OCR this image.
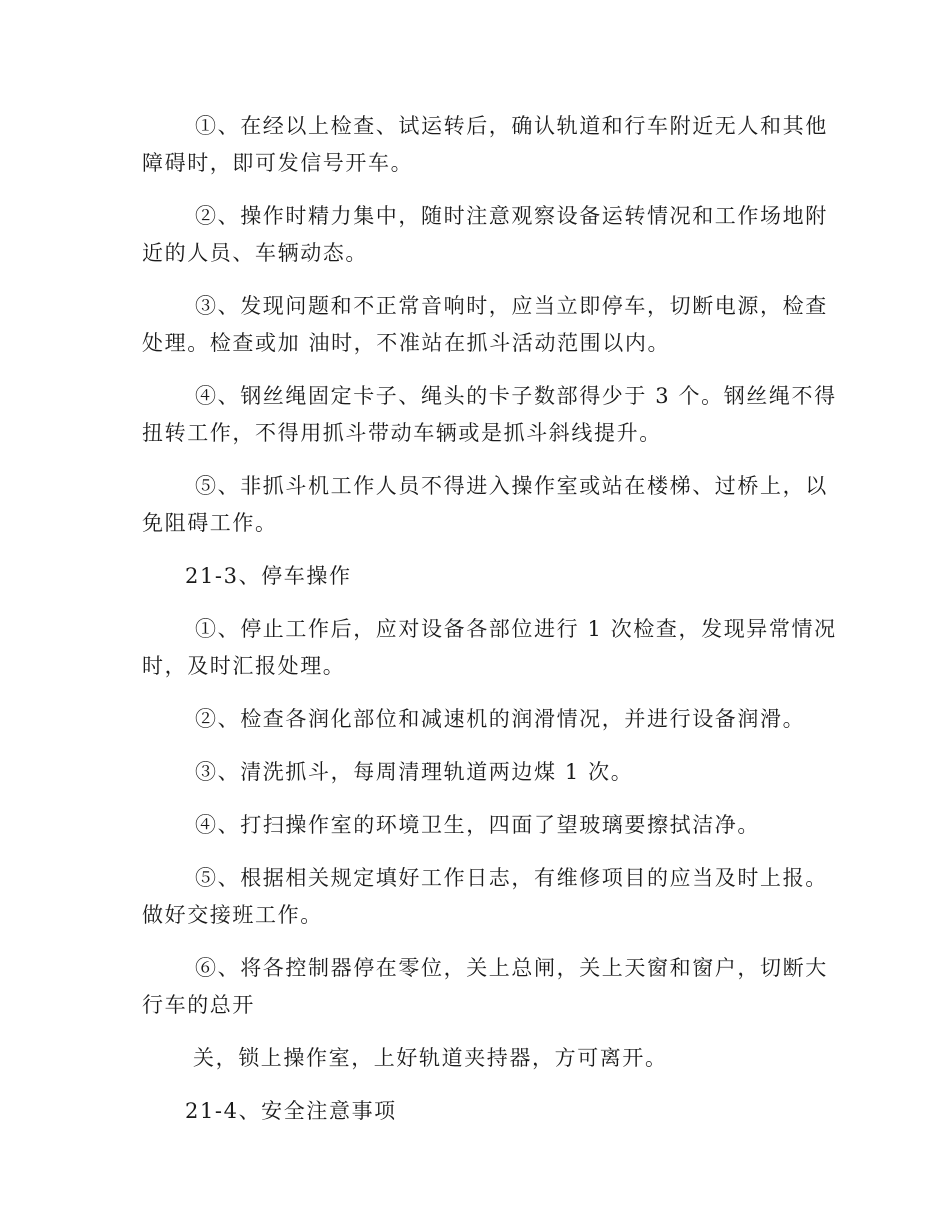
①、在经以上检查、试运转后，确认轨道和行车附近无人和其他
障碍时，即可发信号开车。
②、操作时精力集中，随时注意观察设备运转情况和工作场地附
近的人员、车辆动态。
③、发现问题和不正常音响时，应当立即停车，切断电源，检查
处理。检查或加 油时，不准站在抓斗活动范围以内。
④、钢丝绳固定卡子、绳头的卡子数部得少于 3 个。钢丝绳不得
扭转工作，不得用抓斗带动车辆或是抓斗斜线提升。
⑤、非抓斗机工作人员不得进入操作室或站在楼梯、过桥上，以
免阻碍工作。
21-3、停车操作
①、停止工作后，应对设备各部位进行 1 次检查，发现异常情况
时，及时汇报处理。
②、检查各润化部位和减速机的润滑情况，并进行设备润滑。
③、清洗抓斗，每周清理轨道两边煤 1 次。
④、打扫操作室的环境卫生，四面了望玻璃要擦拭洁净。
⑤、根据相关规定填好工作日志，有维修项目的应当及时上报。
做好交接班工作。
⑥、将各控制器停在零位，关上总闸，关上天窗和窗户，切断大
行车的总开
关，锁上操作室，上好轨道夹持器，方可离开。
21-4、安全注意事项
